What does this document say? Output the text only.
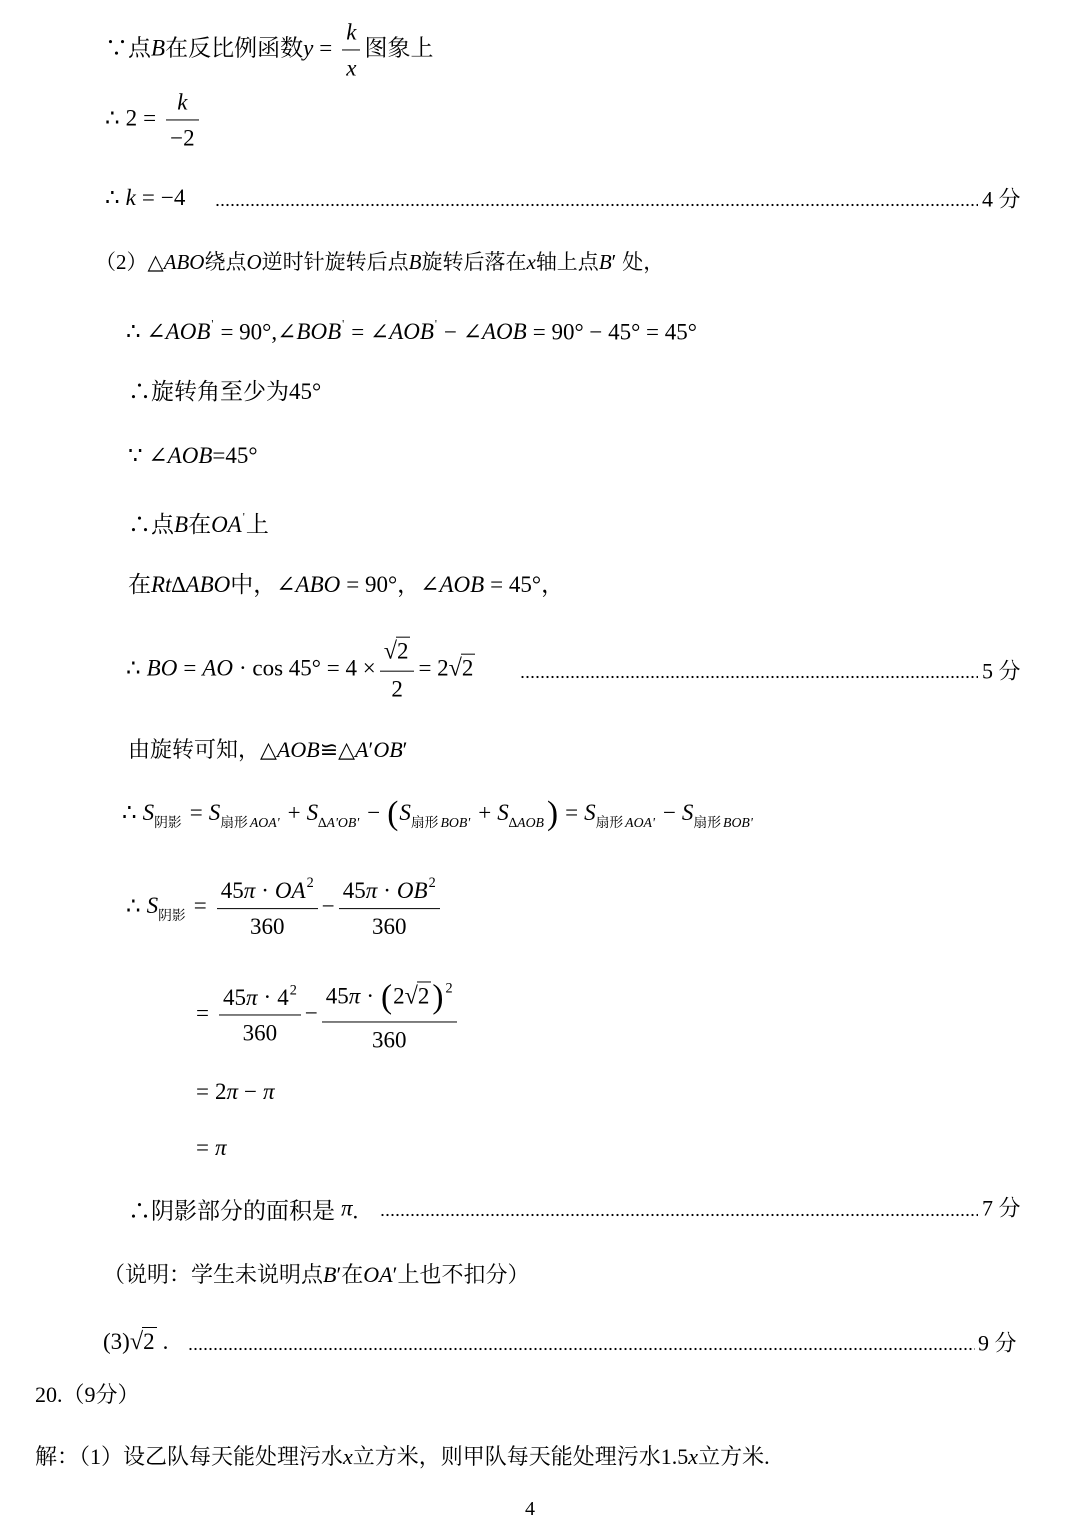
∵点B在反比例函数$y = \frac{k}{x}$ 图象上
∴ $2 = \frac{k}{-2}$
∴ k = −4	4 分
（2）△ABO绕点O逆时针旋转后点B旋转后落在x轴上点B′ 处，
∴ ∠AOB' = 90°,∠BOB' = ∠AOB' − ∠AOB = 90° − 45° = 45°
∴旋转角至少为45°
∵ ∠AOB=45°
∴点B在OA'上
在Rt∆ABO中，∠ABO = 90°，∠AOB = 45°，
∴ BO = AO · $\cos 45^\circ = 4 \times \frac{√2}{2} = 2√2$	5 分
由旋转可知，△AOB≌△A′OB′
∴ $S_{阴影} = S_{扇形}$ $_{AOA'} + S_{\Delta A'OB'} - (S_{扇形}$ $_{BOB'} + S_{\Delta AOB}) = S_{扇形}$ $_{AOA'} - S_{扇形}$ $_{BOB'}$
∴ $S_{阴影} = \frac{45\pi \cdot OA^2}{360} - \frac{45\pi \cdot OB^2}{360}$
= $\frac{45\pi \cdot 4^2}{360} - \frac{45\pi \cdot (2√2) ^2}{360}$
= 2π − π
= π
∴阴影部分的面积是 π.	7 分
（说明：学生未说明点B′在OA′上也不扣分）
(3)√2 .	9 分
20.（9分）
解：（1）设乙队每天能处理污水x立方米，则甲队每天能处理污水1.5x立方米.
4
